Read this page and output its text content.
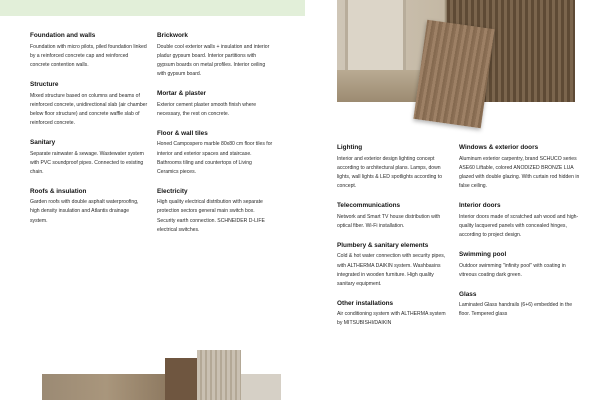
Foundation and walls

Foundation with micro pilots, piled foundation linked by a reinforced concrete cap and reinforced concrete contention walls.

Structure

Mixed structure based on columns and beams of reinforced concrete, unidirectional slab (air chamber below floor structure) and concrete waffle slab of reinforced concrete.

Sanitary

Separate rainwater & sewage. Wastewater system with PVC soundproof pipes. Connected to existing chain.

Roofs & insulation

Garden roofs with double asphalt waterproofing, high density insulation and Atlantis drainage system.

Brickwork

Double cool exterior walls + insulation and interior pladur gypsum board. Interior partitions with gypsum boards on metal profiles. Interior ceiling with gypsum board.

Mortar & plaster

Exterior cement plaster smooth finish where necessary, the rest on concrete.

Floor & wall tiles

Honed Campospero marble 80x80 cm floor tiles for interior and exterior spaces and staircase. Bathrooms tiling and countertops of Living Ceramics pieces.

Electricity

High quality electrical distribution with separate protection sectors general main switch box. Security earth connection. SCHNEIDER D-LIFE electrical switches.

Lighting

Interior and exterior design lighting concept according to architectural plans. Lamps, down lights, wall lights & LED spotlights according to concept.

Telecommunications

Network and Smart TV house distribution with optical fiber. Wi-Fi installation.

Plumbery & sanitary elements

Cold & hot water connection with security pipes, with ALTHERMA DAIKIN system. Washbasins integrated in wooden furniture. High quality sanitary equipment.

Other installations

Air conditioning system with ALTHERMA system by MITSUBISHI/DAIKIN

Windows & exterior doors

Aluminum exterior carpentry, brand SCHUCO series ASE60 Liftable, colored ANODIZED BRONZE LUA glazed with double glazing. With curtain rod hidden in false ceiling.

Interior doors

Interior doors made of scratched ash wood and high-quality lacquered panels with concealed hinges, according to project design.

Swimming pool

Outdoor swimming "infinity pool" with coating in vitreous coating dark green.

Glass

Laminated Glass handrails (6+6) embedded in the floor. Tempered glass
